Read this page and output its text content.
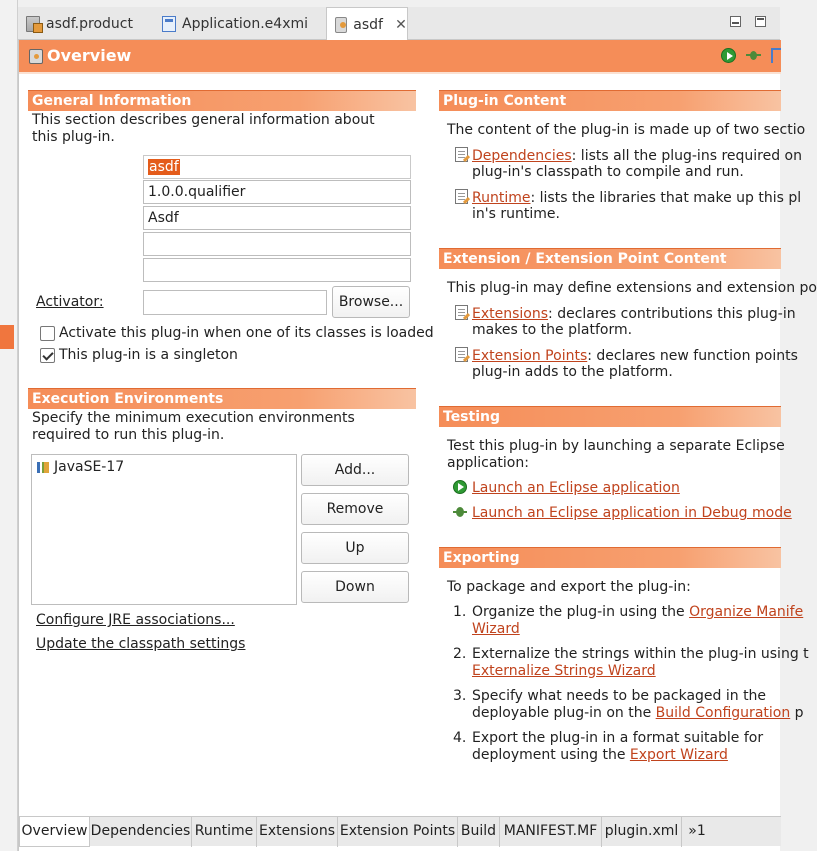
asdf.product	Application.e4xmi	asdf ✕
Overview
General Information
This section describes general information about this plug-in.
asdf
1.0.0.qualifier
Asdf
Activator:	Browse...
Activate this plug-in when one of its classes is loaded
This plug-in is a singleton
Execution Environments
Specify the minimum execution environments required to run this plug-in.
JavaSE-17	Add...
Remove
Up
Down
Configure JRE associations...
Update the classpath settings
Plug-in Content
The content of the plug-in is made up of two sectio
Dependencies: lists all the plug-ins required on
plug-in's classpath to compile and run.
Runtime: lists the libraries that make up this pl
in's runtime.
Extension / Extension Point Content
This plug-in may define extensions and extension po
Extensions: declares contributions this plug-in
makes to the platform.
Extension Points: declares new function points
plug-in adds to the platform.
Testing
Test this plug-in by launching a separate Eclipse
application:
Launch an Eclipse application
Launch an Eclipse application in Debug mode
Exporting
To package and export the plug-in:
1. Organize the plug-in using the Organize Manife
Wizard
2. Externalize the strings within the plug-in using t
Externalize Strings Wizard
3. Specify what needs to be packaged in the
deployable plug-in on the Build Configuration p
4. Export the plug-in in a format suitable for
deployment using the Export Wizard
Overview Dependencies Runtime Extensions Extension Points Build MANIFEST.MF plugin.xml »1
